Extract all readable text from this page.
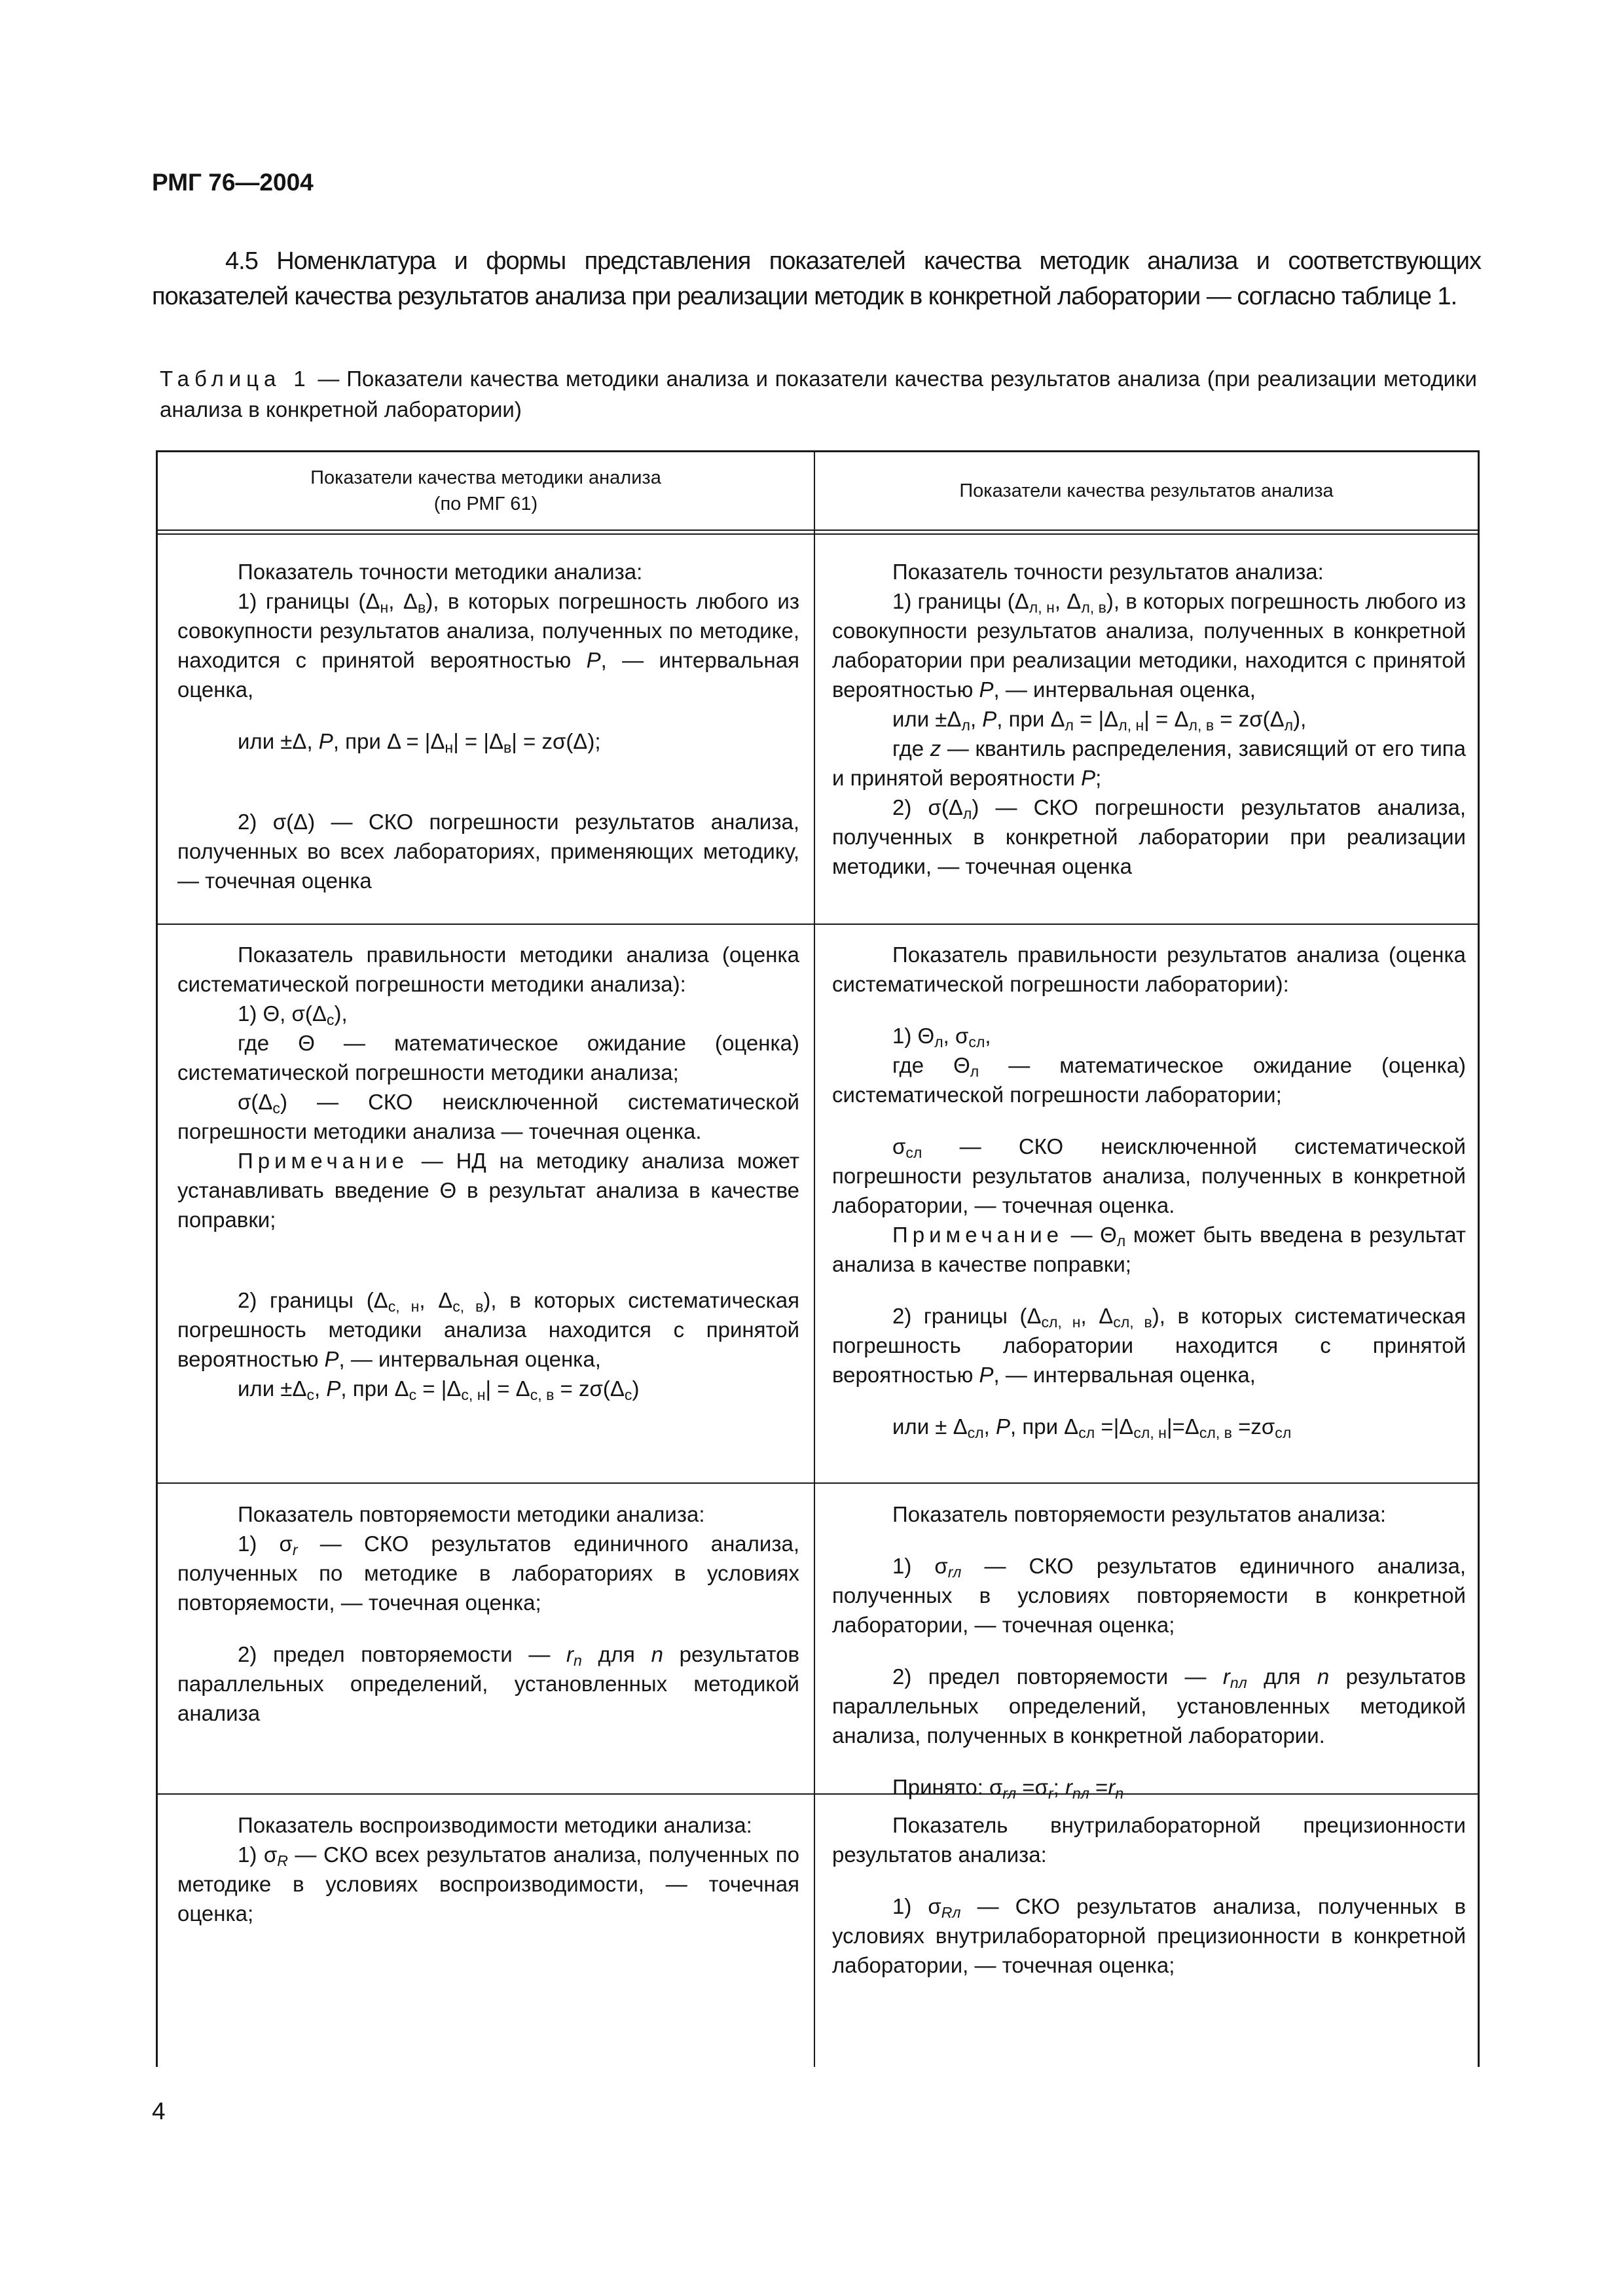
РМГ 76—2004

4.5 Номенклатура и формы представления показателей качества методик анализа и соответствующих показателей качества результатов анализа при реализации методик в конкретной лаборатории — согласно таблице 1.

Таблица 1 — Показатели качества методики анализа и показатели качества результатов анализа (при реализации методики анализа в конкретной лаборатории)
Показатели качества методики анализа
(по РМГ 61)
Показатели качества результатов анализа

Показатель точности методики анализа:

1) границы ($\Delta_н$, $\Delta_в$), в которых погрешность любого из совокупности результатов анализа, полученных по методике, находится с принятой вероятностью P, — интервальная оценка,

или ±Δ, P, при $\Delta = |\Delta_н| = |\Delta_в| = z\sigma(\Delta)$;

2) σ(Δ) — СКО погрешности результатов анализа, полученных во всех лабораториях, применяющих методику, — точечная оценка

Показатель точности результатов анализа:

1) границы ($\Delta_{л, н}$, $\Delta_{л, в}$), в которых погрешность любого из совокупности результатов анализа, полученных в конкретной лаборатории при реализации методики, находится с принятой вероятностью P, — интервальная оценка,

или $\pm\Delta_л$, P, при $\Delta_л = |\Delta_{л, н}| = \Delta_{л, в} = z\sigma(\Delta_л)$,

где z — квантиль распределения, зависящий от его типа и принятой вероятности P;

2) $\sigma(\Delta_л)$ — СКО погрешности результатов анализа, полученных в конкретной лаборатории при реализации методики, — точечная оценка

Показатель правильности методики анализа (оценка систематической погрешности методики анализа):

1) Θ, $\sigma(\Delta_c)$,

где Θ — математическое ожидание (оценка) систематической погрешности методики анализа;

$\sigma(\Delta_c)$ — СКО неисключенной систематической погрешности методики анализа — точечная оценка.

Примечание — НД на методику анализа может устанавливать введение Θ в результат анализа в качестве поправки;

2) границы ($\Delta_{c, н}$, $\Delta_{c, в}$), в которых систематическая погрешность методики анализа находится с принятой вероятностью P, — интервальная оценка,

или $\pm\Delta_c$, P, при $\Delta_c = |\Delta_{c, н}| = \Delta_{c, в} = z\sigma(\Delta_c)$

Показатель правильности результатов анализа (оценка систематической погрешности лаборатории):

1) $\Theta_л$, $\sigma_{cл}$,

где $\Theta_л$ — математическое ожидание (оценка) систематической погрешности лаборатории;

$\sigma_{cл}$ — СКО неисключенной систематической погрешности результатов анализа, полученных в конкретной лаборатории, — точечная оценка.

Примечание — $\Theta_л$ может быть введена в результат анализа в качестве поправки;

2) границы ($\Delta_{cл, н}$, $\Delta_{cл, в}$), в которых систематическая погрешность лаборатории находится с принятой вероятностью P, — интервальная оценка,

или ± $\Delta_{cл}$, P, при $\Delta_{cл} =|\Delta_{cл, н}|=\Delta_{cл, в} =z\sigma_{cл}$

Показатель повторяемости методики анализа:

1) $\sigma_r$ — СКО результатов единичного анализа, полученных по методике в лабораториях в условиях повторяемости, — точечная оценка;

2) предел повторяемости — $r_n$ для n результатов параллельных определений, установленных методикой анализа

Показатель повторяемости результатов анализа:

1) $\sigma_{rл}$ — СКО результатов единичного анализа, полученных в условиях повторяемости в конкретной лаборатории, — точечная оценка;

2) предел повторяемости — $r_{nл}$ для n результатов параллельных определений, установленных методикой анализа, полученных в конкретной лаборатории.

Принято: $\sigma_{rл} =\sigma_r$; $r_{nл} =r_n$

Показатель воспроизводимости методики анализа:

1) $\sigma_R$ — СКО всех результатов анализа, полученных по методике в условиях воспроизводимости, — точечная оценка;

Показатель внутрилабораторной прецизионности результатов анализа:

1) $\sigma_{Rл}$ — СКО результатов анализа, полученных в условиях внутрилабораторной прецизионности в конкретной лаборатории, — точечная оценка;

4
